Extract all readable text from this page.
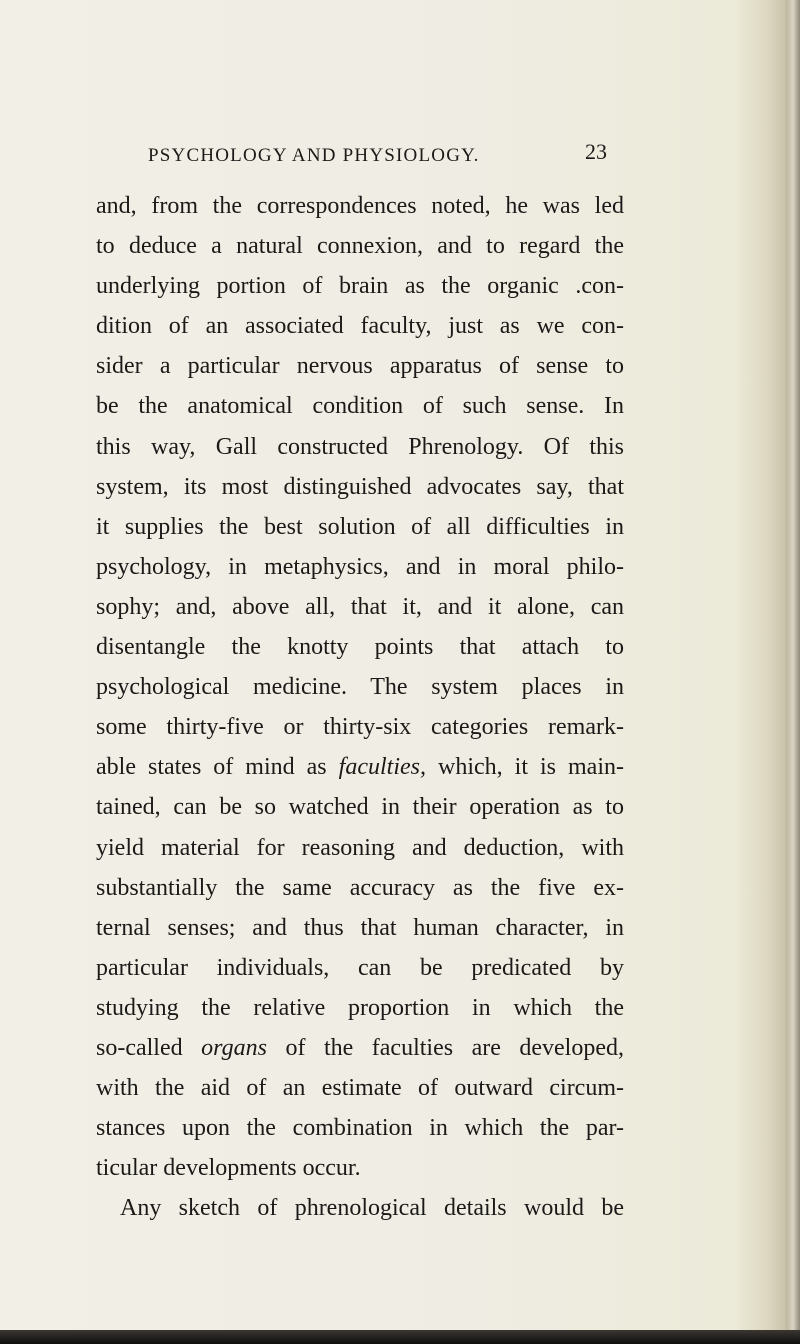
PSYCHOLOGY AND PHYSIOLOGY.	23
and, from the correspondences noted, he was led
to deduce a natural connexion, and to regard the
underlying portion of brain as the organic .con-
dition of an associated faculty, just as we con-
sider a particular nervous apparatus of sense to
be the anatomical condition of such sense. In
this way, Gall constructed Phrenology. Of this
system, its most distinguished advocates say, that
it supplies the best solution of all difficulties in
psychology, in metaphysics, and in moral philo-
sophy; and, above all, that it, and it alone, can
disentangle the knotty points that attach to
psychological medicine. The system places in
some thirty-five or thirty-six categories remark-
able states of mind as faculties, which, it is main-
tained, can be so watched in their operation as to
yield material for reasoning and deduction, with
substantially the same accuracy as the five ex-
ternal senses; and thus that human character, in
particular individuals, can be predicated by
studying the relative proportion in which the
so-called organs of the faculties are developed,
with the aid of an estimate of outward circum-
stances upon the combination in which the par-
ticular developments occur.
Any sketch of phrenological details would be
